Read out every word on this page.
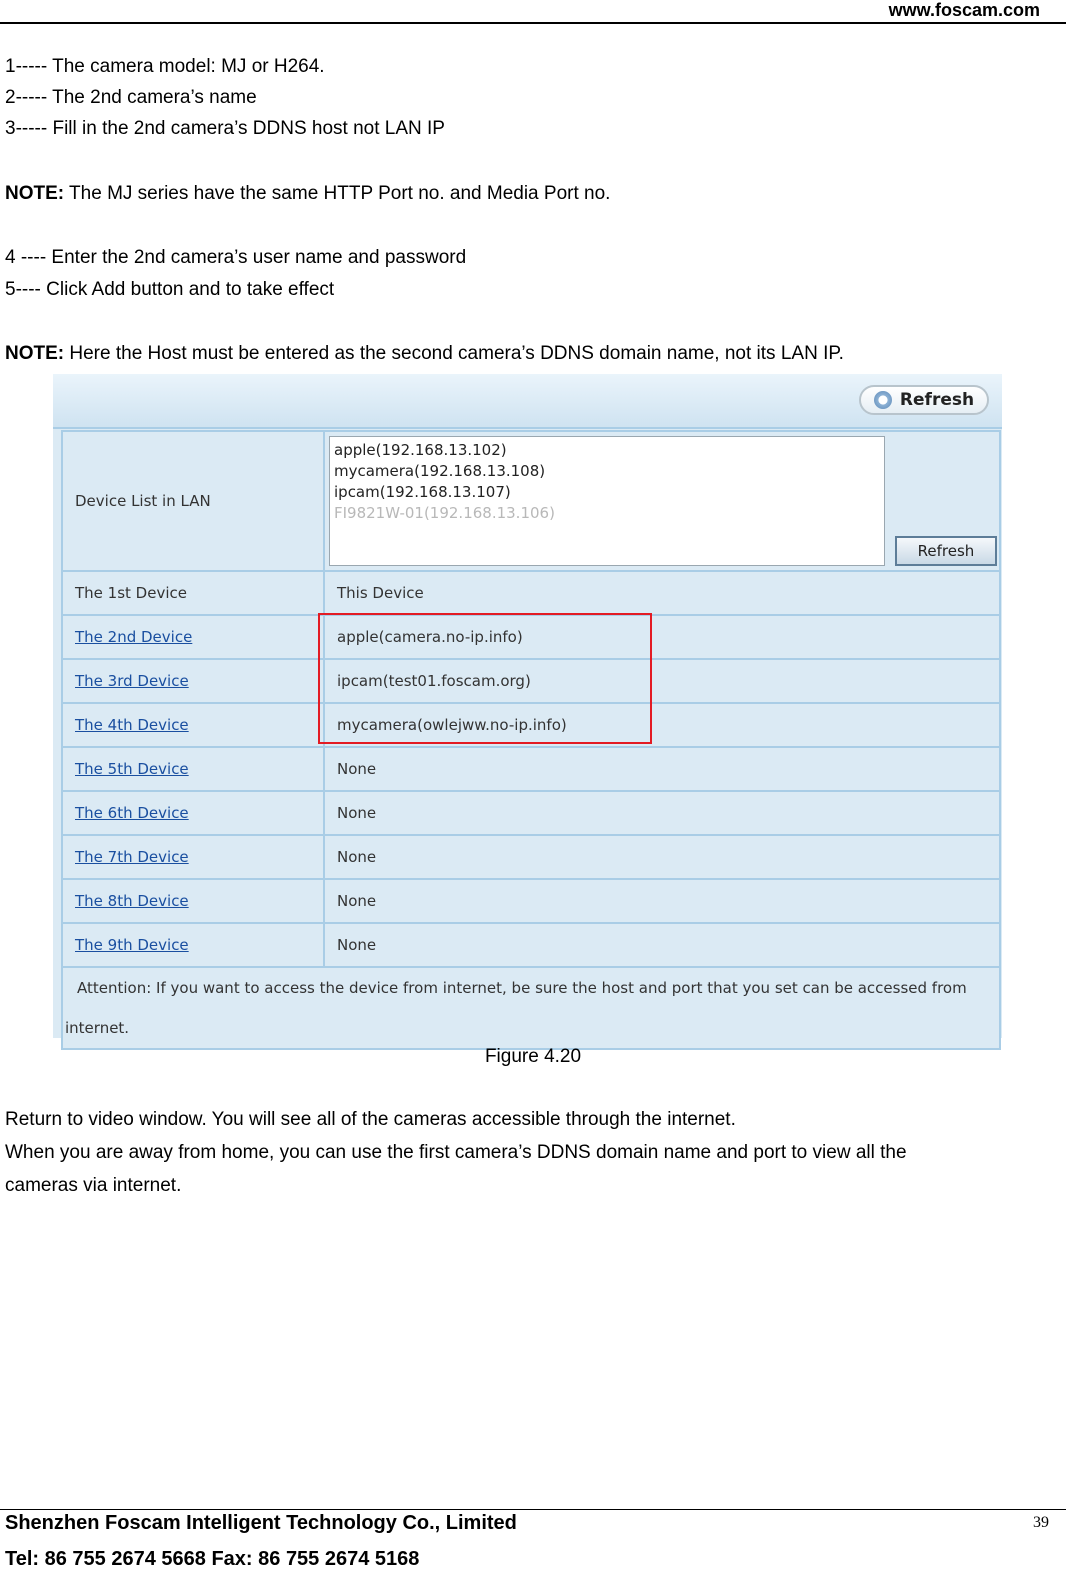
www.foscam.com
1----- The camera model: MJ or H264.
2----- The 2nd camera’s name
3----- Fill in the 2nd camera’s DDNS host not LAN IP
NOTE: The MJ series have the same HTTP Port no. and Media Port no.
4 ---- Enter the 2nd camera’s user name and password
5---- Click Add button and to take effect
NOTE: Here the Host must be entered as the second camera’s DDNS domain name, not its LAN IP.
Refresh
Device List in LAN	apple(192.168.13.102)
mycamera(192.168.13.108)
ipcam(192.168.13.107)
FI9821W-01(192.168.13.106)
Refresh

The 1st Device	This Device
The 2nd Device	apple(camera.no-ip.info)
The 3rd Device	ipcam(test01.foscam.org)
The 4th Device	mycamera(owlejww.no-ip.info)
The 5th Device	None
The 6th Device	None
The 7th Device	None
The 8th Device	None
The 9th Device	None

Attention: If you want to access the device from internet, be sure the host and port that you set can be accessed from
internet.	
Figure 4.20
Return to video window. You will see all of the cameras accessible through the internet.
When you are away from home, you can use the first camera’s DDNS domain name and port to view all the
cameras via internet.
Shenzhen Foscam Intelligent Technology Co., Limited
Tel: 86 755 2674 5668 Fax: 86 755 2674 5168
39
